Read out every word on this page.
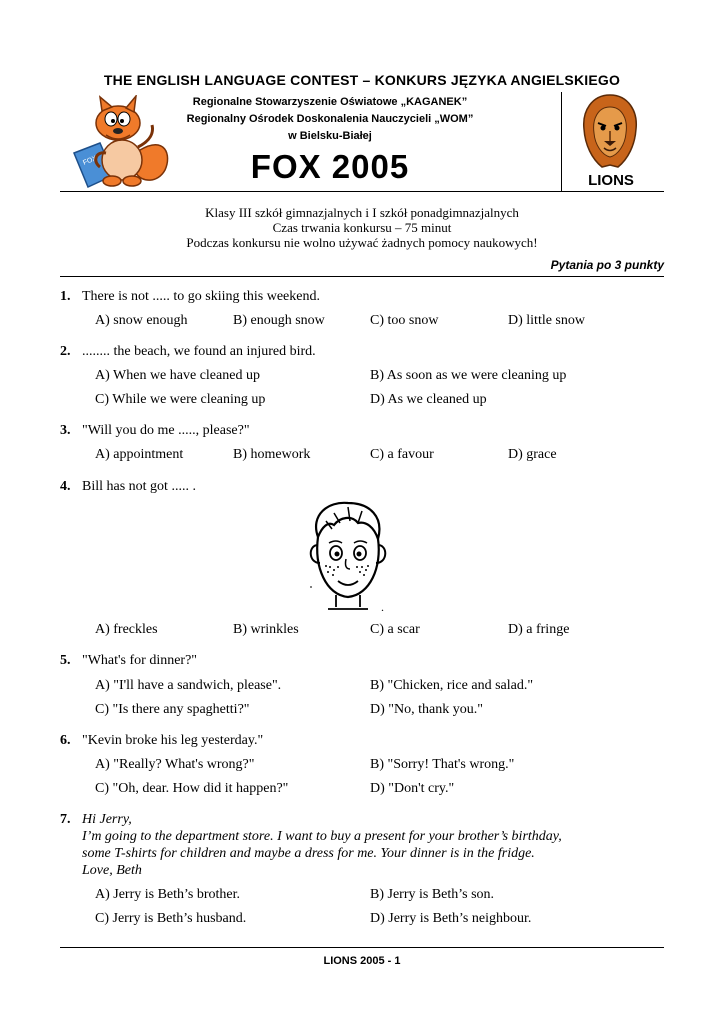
THE ENGLISH LANGUAGE CONTEST – KONKURS JĘZYKA ANGIELSKIEGO
FOX
Regionalne Stowarzyszenie Oświatowe „KAGANEK”
Regionalny Ośrodek Doskonalenia Nauczycieli „WOM”
w Bielsku-Białej
FOX 2005	LIONS
Klasy III szkół gimnazjalnych i I szkół ponadgimnazjalnych
Czas trwania konkursu – 75 minut
Podczas konkursu nie wolno używać żadnych pomocy naukowych!
Pytania po 3 punkty
1. There is not ..... to go skiing this weekend.
A) snow enough	B) enough snow	C) too snow	D) little snow
2. ........ the beach, we found an injured bird.
A) When we have cleaned up	B) As soon as we were cleaning up
C) While we were cleaning up	D) As we cleaned up
3. "Will you do me ....., please?"
A) appointment	B) homework	C) a favour	D) grace
4. Bill has not got ..... .
.
A) freckles	B) wrinkles	C) a scar	D) a fringe
5. "What's for dinner?"
A) "I'll have a sandwich, please".	B) "Chicken, rice and salad."
C) "Is there any spaghetti?"	D) "No, thank you."
6. "Kevin broke his leg yesterday."
A) "Really? What's wrong?"	B) "Sorry! That's wrong."
C) "Oh, dear. How did it happen?"	D) "Don't cry."
7. Hi Jerry,
I’m going to the department store. I want to buy a present for your brother’s birthday,
some T-shirts for children and maybe a dress for me. Your dinner is in the fridge.
Love, Beth
A) Jerry is Beth’s brother.	B) Jerry is Beth’s son.
C) Jerry is Beth’s husband.	D) Jerry is Beth’s neighbour.
LIONS 2005 - 1
